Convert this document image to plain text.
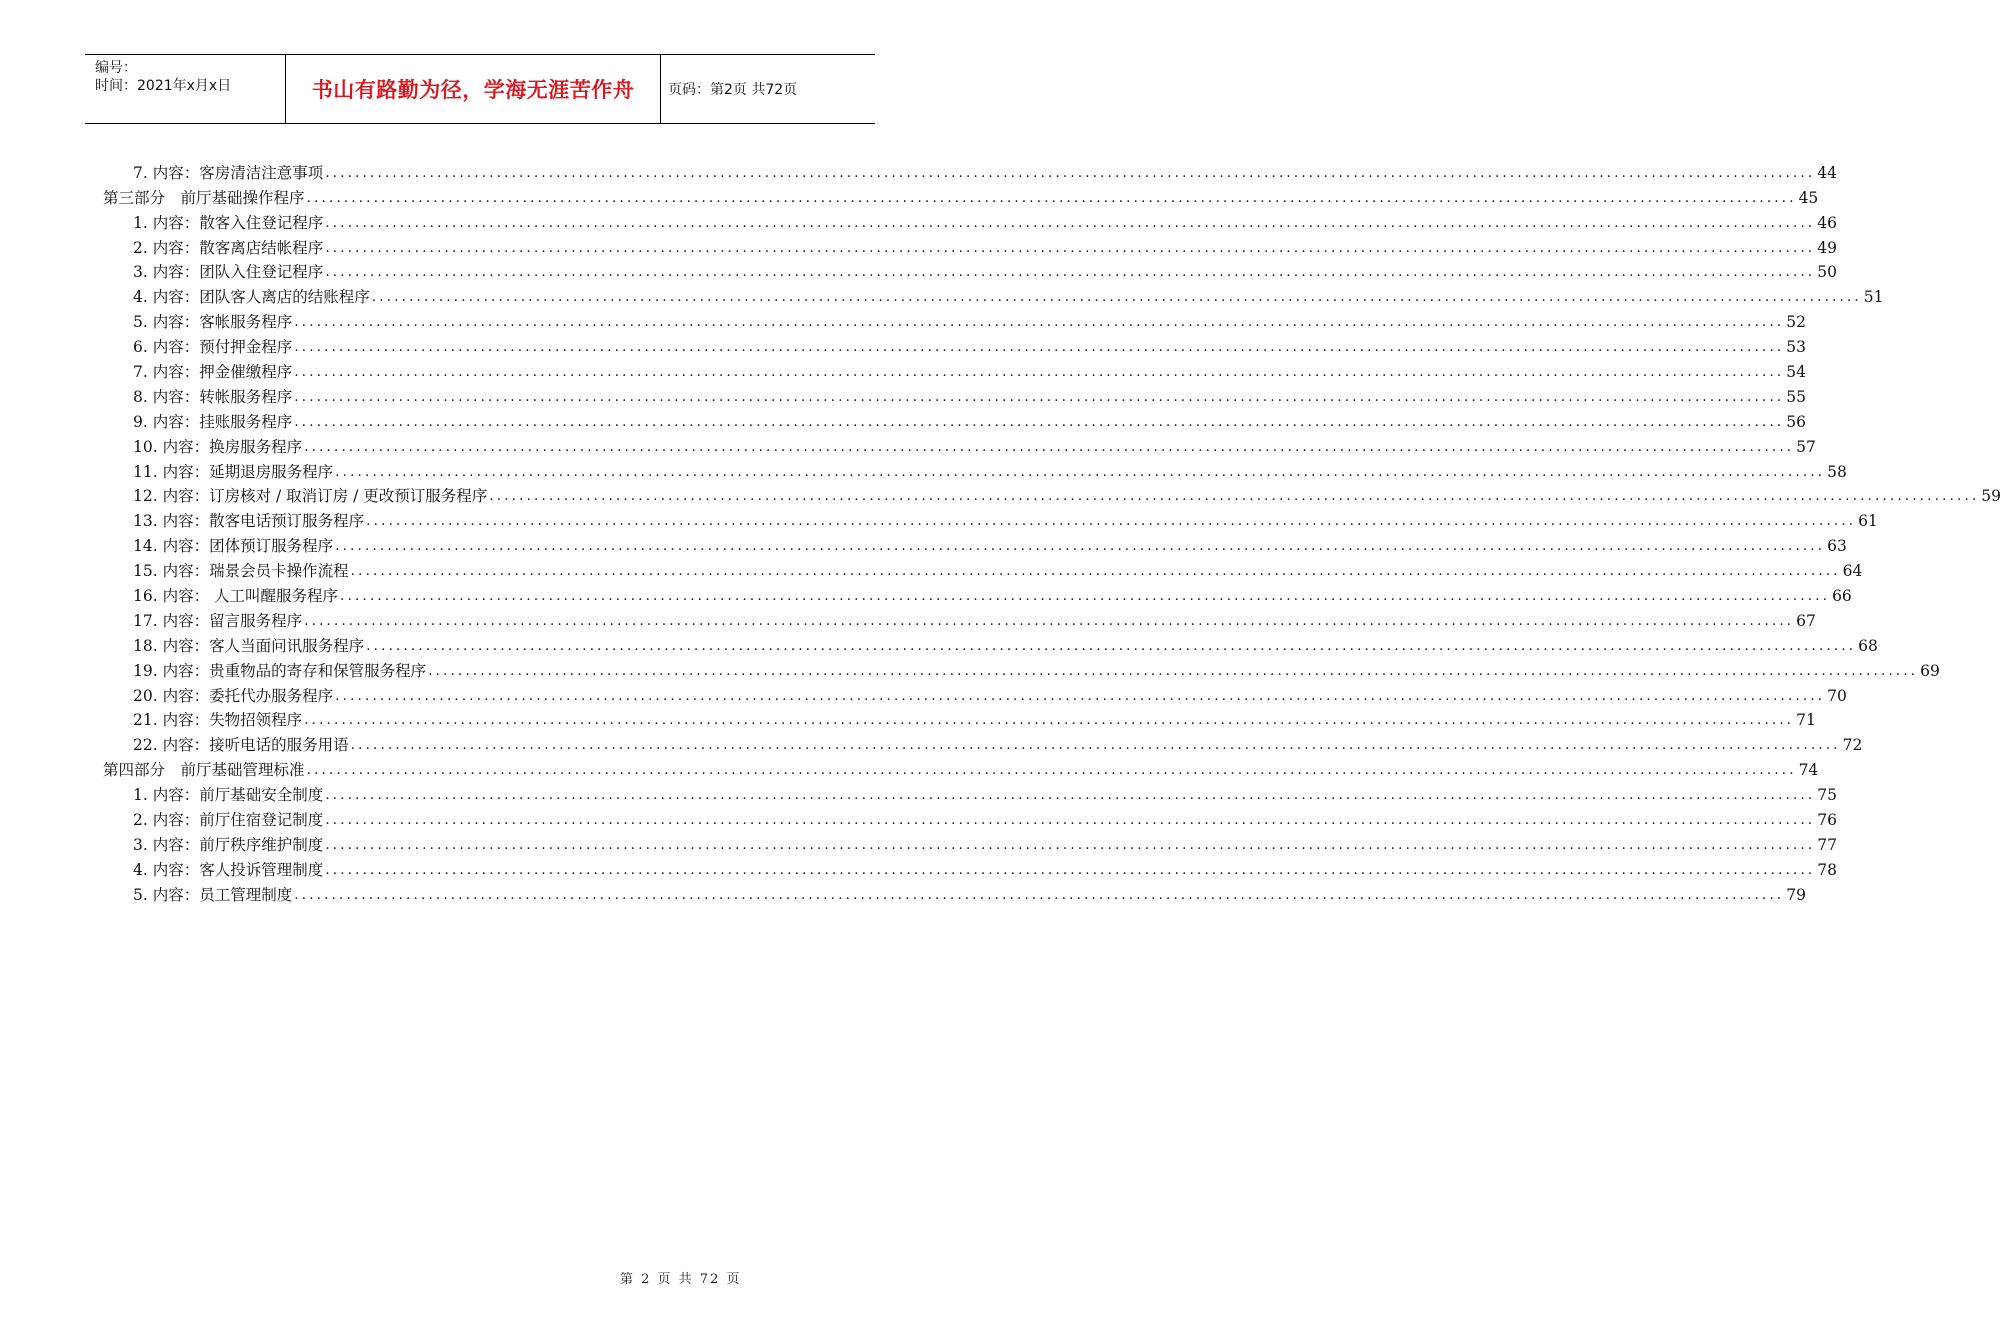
编号：
时间：2021年x月x日	书山有路勤为径，学海无涯苦作舟	页码：第2页 共72页
7. 内容：客房清洁注意事项 ........................................................................................................................................................................................................ 44
第三部分　前厅基础操作程序 ........................................................................................................................................................................................................ 45
1. 内容：散客入住登记程序 ........................................................................................................................................................................................................ 46
2. 内容：散客离店结帐程序 ........................................................................................................................................................................................................ 49
3. 内容：团队入住登记程序 ........................................................................................................................................................................................................ 50
4. 内容：团队客人离店的结账程序 ........................................................................................................................................................................................................ 51
5. 内容：客帐服务程序 ........................................................................................................................................................................................................ 52
6. 内容：预付押金程序 ........................................................................................................................................................................................................ 53
7. 内容：押金催缴程序 ........................................................................................................................................................................................................ 54
8. 内容：转帐服务程序 ........................................................................................................................................................................................................ 55
9. 内容：挂账服务程序 ........................................................................................................................................................................................................ 56
10. 内容：换房服务程序 ........................................................................................................................................................................................................ 57
11. 内容：延期退房服务程序 ........................................................................................................................................................................................................ 58
12. 内容：订房核对 / 取消订房 / 更改预订服务程序 ........................................................................................................................................................................................................ 59
13. 内容：散客电话预订服务程序 ........................................................................................................................................................................................................ 61
14. 内容：团体预订服务程序 ........................................................................................................................................................................................................ 63
15. 内容：瑞景会员卡操作流程 ........................................................................................................................................................................................................ 64
16. 内容： 人工叫醒服务程序 ........................................................................................................................................................................................................ 66
17. 内容：留言服务程序 ........................................................................................................................................................................................................ 67
18. 内容：客人当面问讯服务程序 ........................................................................................................................................................................................................ 68
19. 内容：贵重物品的寄存和保管服务程序 ........................................................................................................................................................................................................ 69
20. 内容：委托代办服务程序 ........................................................................................................................................................................................................ 70
21. 内容：失物招领程序 ........................................................................................................................................................................................................ 71
22. 内容：接听电话的服务用语 ........................................................................................................................................................................................................ 72
第四部分　前厅基础管理标准 ........................................................................................................................................................................................................ 74
1. 内容：前厅基础安全制度 ........................................................................................................................................................................................................ 75
2. 内容：前厅住宿登记制度 ........................................................................................................................................................................................................ 76
3. 内容：前厅秩序维护制度 ........................................................................................................................................................................................................ 77
4. 内容：客人投诉管理制度 ........................................................................................................................................................................................................ 78
5. 内容：员工管理制度 ........................................................................................................................................................................................................ 79
第 2 页 共 72 页
